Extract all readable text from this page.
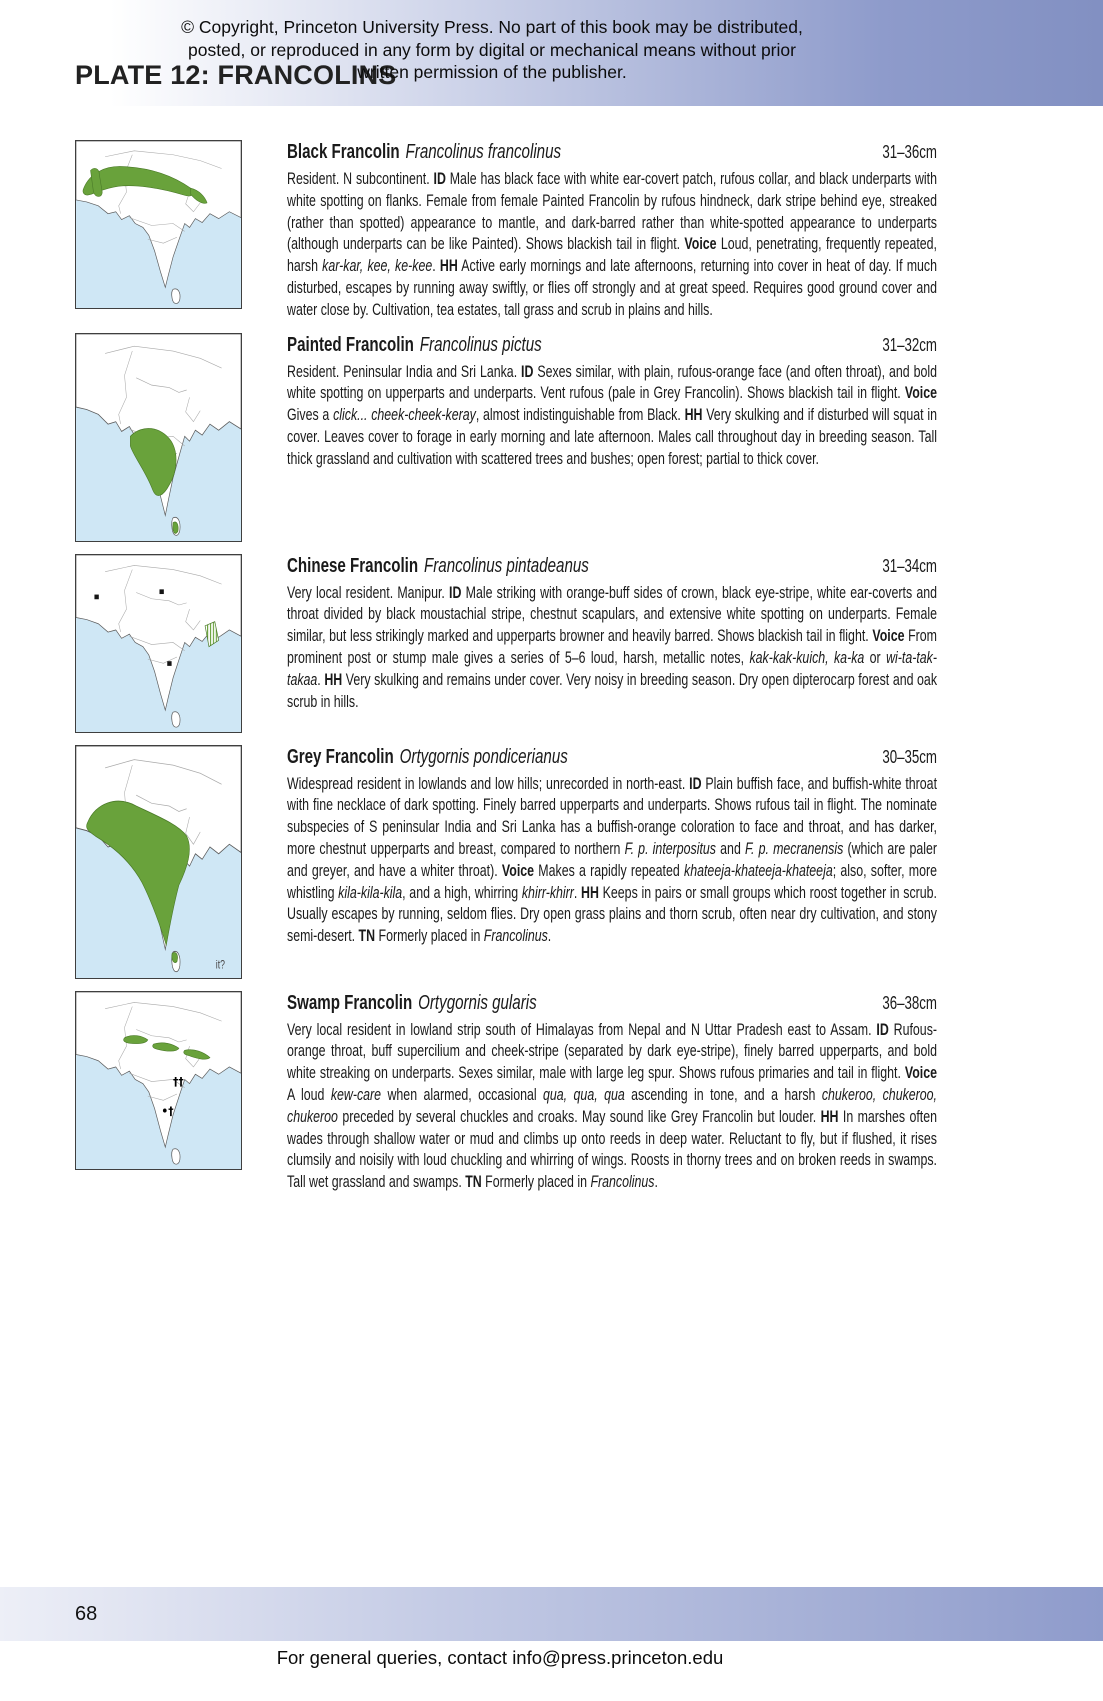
© Copyright, Princeton University Press. No part of this book may be distributed, posted, or reproduced in any form by digital or mechanical means without prior written permission of the publisher.
PLATE 12: FRANCOLINS
Black Francolin Francolinus francolinus	31–36cm

Resident. N subcontinent. ID Male has black face with white ear-covert patch, rufous collar, and black underparts with white spotting on flanks. Female from female Painted Francolin by rufous hindneck, dark stripe behind eye, streaked (rather than spotted) appearance to mantle, and dark-barred rather than white-spotted appearance to underparts (although underparts can be like Painted). Shows blackish tail in flight. Voice Loud, penetrating, frequently repeated, harsh kar-kar, kee, ke-kee. HH Active early mornings and late afternoons, returning into cover in heat of day. If much disturbed, escapes by running away swiftly, or flies off strongly and at great speed. Requires good ground cover and water close by. Cultivation, tea estates, tall grass and scrub in plains and hills.

Painted Francolin Francolinus pictus	31–32cm

Resident. Peninsular India and Sri Lanka. ID Sexes similar, with plain, rufous-orange face (and often throat), and bold white spotting on upperparts and underparts. Vent rufous (pale in Grey Francolin). Shows blackish tail in flight. Voice Gives a click... cheek-cheek-keray, almost indistinguishable from Black. HH Very skulking and if disturbed will squat in cover. Leaves cover to forage in early morning and late afternoon. Males call throughout day in breeding season. Tall thick grassland and cultivation with scattered trees and bushes; open forest; partial to thick cover.

Chinese Francolin Francolinus pintadeanus	31–34cm

Very local resident. Manipur. ID Male striking with orange-buff sides of crown, black eye-stripe, white ear-coverts and throat divided by black moustachial stripe, chestnut scapulars, and extensive white spotting on underparts. Female similar, but less strikingly marked and upperparts browner and heavily barred. Shows blackish tail in flight. Voice From prominent post or stump male gives a series of 5–6 loud, harsh, metallic notes, kak-kak-kuich, ka-ka or wi-ta-tak-takaa. HH Very skulking and remains under cover. Very noisy in breeding season. Dry open dipterocarp forest and oak scrub in hills.

it?
Grey Francolin Ortygornis pondicerianus	30–35cm

Widespread resident in lowlands and low hills; unrecorded in north-east. ID Plain buffish face, and buffish-white throat with fine necklace of dark spotting. Finely barred upperparts and underparts. Shows rufous tail in flight. The nominate subspecies of S peninsular India and Sri Lanka has a buffish-orange coloration to face and throat, and has darker, more chestnut upperparts and breast, compared to northern F. p. interpositus and F. p. mecranensis (which are paler and greyer, and have a whiter throat). Voice Makes a rapidly repeated khateeja-khateeja-khateeja; also, softer, more whistling kila-kila-kila, and a high, whirring khirr-khirr. HH Keeps in pairs or small groups which roost together in scrub. Usually escapes by running, seldom flies. Dry open grass plains and thorn scrub, often near dry cultivation, and stony semi-desert. TN Formerly placed in Francolinus.

††
•†
Swamp Francolin Ortygornis gularis	36–38cm

Very local resident in lowland strip south of Himalayas from Nepal and N Uttar Pradesh east to Assam. ID Rufous-orange throat, buff supercilium and cheek-stripe (separated by dark eye-stripe), finely barred upperparts, and bold white streaking on underparts. Sexes similar, male with large leg spur. Shows rufous primaries and tail in flight. Voice A loud kew-care when alarmed, occasional qua, qua, qua ascending in tone, and a harsh chukeroo, chukeroo, chukeroo preceded by several chuckles and croaks. May sound like Grey Francolin but louder. HH In marshes often wades through shallow water or mud and climbs up onto reeds in deep water. Reluctant to fly, but if flushed, it rises clumsily and noisily with loud chuckling and whirring of wings. Roosts in thorny trees and on broken reeds in swamps. Tall wet grassland and swamps. TN Formerly placed in Francolinus.

68
For general queries, contact info@press.princeton.edu
